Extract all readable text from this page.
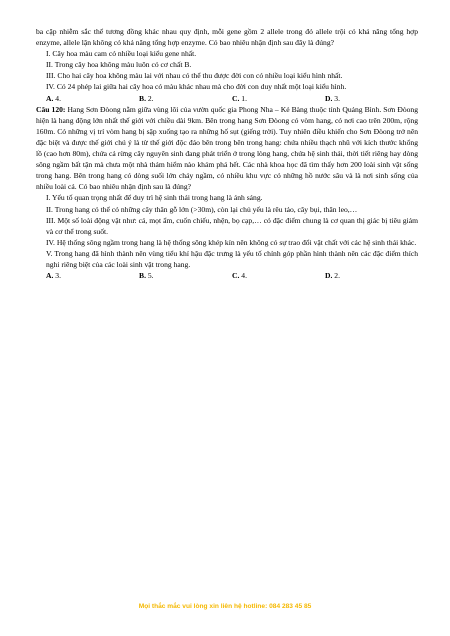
ba cặp nhiễm sắc thể tương đồng khác nhau quy định, mỗi gene gồm 2 allele trong đó allele trội có khả năng tổng hợp enzyme, allele lặn không có khả năng tổng hợp enzyme. Có bao nhiêu nhận định sau đây là đúng?

I. Cây hoa màu cam có nhiều loại kiểu gene nhất.

II. Trong cây hoa không màu luôn có cơ chất B.

III. Cho hai cây hoa không màu lai với nhau có thể thu được đời con có nhiều loại kiểu hình nhất.

IV. Có 24 phép lai giữa hai cây hoa có màu khác nhau mà cho đời con duy nhất một loại kiểu hình.

A. 4.	B. 2.	C. 1.	D. 3.

Câu 120: Hang Sơn Đòong nằm giữa vùng lõi của vườn quốc gia Phong Nha – Kẻ Bàng thuộc tỉnh Quảng Bình. Sơn Đòong hiện là hang động lớn nhất thế giới với chiều dài 9km. Bên trong hang Sơn Đòong có vòm hang, có nơi cao trên 200m, rộng 160m. Có những vị trí vòm hang bị sập xuống tạo ra những hố sụt (giếng trời). Tuy nhiên điều khiến cho Sơn Đòong trở nên đặc biệt và được thế giới chú ý là từ thế giới độc đáo bên trong bên trong hang: chứa nhiều thạch nhũ với kích thước khổng lồ (cao hơn 80m), chứa cả rừng cây nguyên sinh đang phát triển ở trong lòng hang, chứa hệ sinh thái, thời tiết riêng hay dòng sông ngầm bất tận mà chưa một nhà thám hiểm nào khám phá hết. Các nhà khoa học đã tìm thấy hơn 200 loài sinh vật sống trong hang. Bên trong hang có dòng suối lớn chảy ngầm, có nhiều khu vực có những hồ nước sâu và là nơi sinh sống của nhiều loài cá. Có bao nhiêu nhận định sau là đúng?

I. Yếu tố quan trọng nhất để duy trì hệ sinh thái trong hang là ánh sáng.

II. Trong hang có thể có những cây thân gỗ lớn (>30m), còn lại chủ yếu là rêu tảo, cây bụi, thân leo,…

III. Một số loài động vật như: cá, mọt ẩm, cuốn chiếu, nhện, bọ cạp,… có đặc điểm chung là cơ quan thị giác bị tiêu giảm và cơ thể trong suốt.

IV. Hệ thống sông ngầm trong hang là hệ thống sông khép kín nên không có sự trao đổi vật chất với các hệ sinh thái khác.

V. Trong hang đã hình thành nên vùng tiểu khí hậu đặc trưng là yếu tố chính góp phần hình thành nên các đặc điểm thích nghi riêng biệt của các loài sinh vật trong hang.

A. 3.	B. 5.	C. 4.	D. 2.
Mọi thắc mắc vui lòng xin liên hệ hotline: 084 283 45 85
